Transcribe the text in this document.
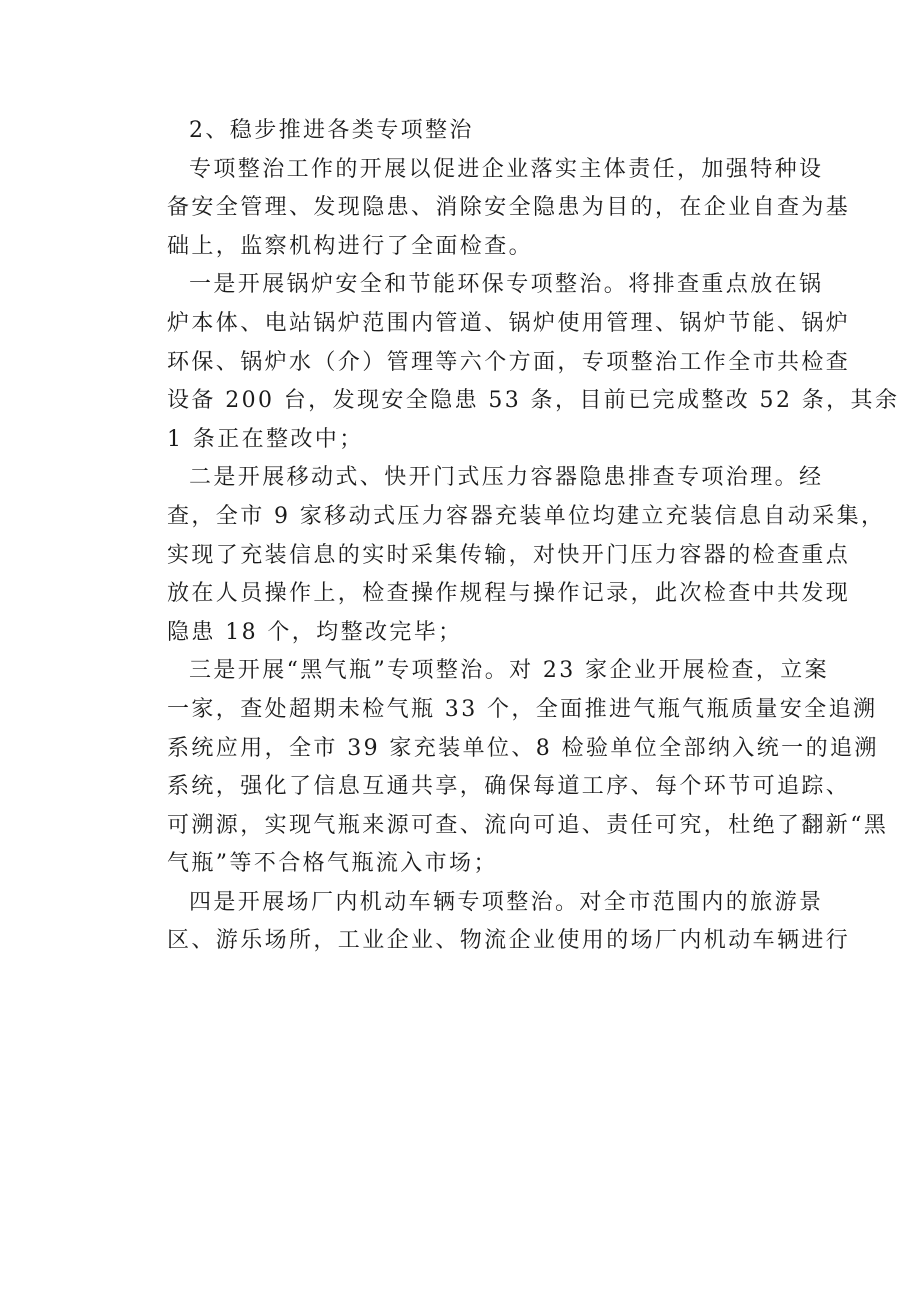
2、稳步推进各类专项整治
专项整治工作的开展以促进企业落实主体责任，加强特种设
备安全管理、发现隐患、消除安全隐患为目的，在企业自查为基
础上，监察机构进行了全面检查。
一是开展锅炉安全和节能环保专项整治。将排查重点放在锅
炉本体、电站锅炉范围内管道、锅炉使用管理、锅炉节能、锅炉
环保、锅炉水（介）管理等六个方面，专项整治工作全市共检查
设备 200 台，发现安全隐患 53 条，目前已完成整改 52 条，其余
1 条正在整改中；
二是开展移动式、快开门式压力容器隐患排查专项治理。经
查，全市 9 家移动式压力容器充装单位均建立充装信息自动采集，
实现了充装信息的实时采集传输，对快开门压力容器的检查重点
放在人员操作上，检查操作规程与操作记录，此次检查中共发现
隐患 18 个，均整改完毕；
三是开展“黑气瓶”专项整治。对 23 家企业开展检查，立案
一家，查处超期未检气瓶 33 个，全面推进气瓶气瓶质量安全追溯
系统应用，全市 39 家充装单位、8 检验单位全部纳入统一的追溯
系统，强化了信息互通共享，确保每道工序、每个环节可追踪、
可溯源，实现气瓶来源可查、流向可追、责任可究，杜绝了翻新“黑
气瓶”等不合格气瓶流入市场；
四是开展场厂内机动车辆专项整治。对全市范围内的旅游景
区、游乐场所，工业企业、物流企业使用的场厂内机动车辆进行
